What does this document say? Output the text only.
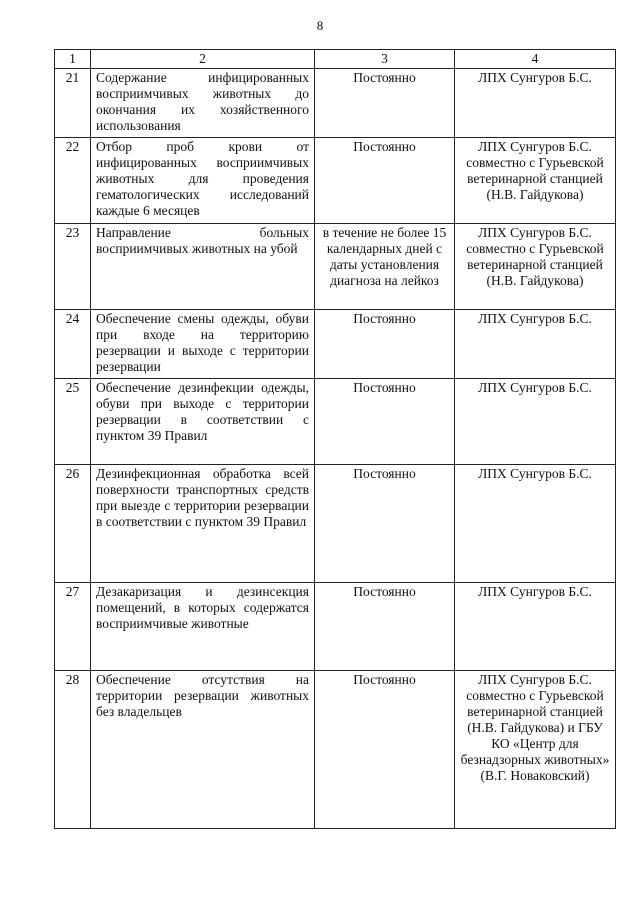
8
1	2	3	4
21	Содержание инфицированных восприимчивых животных до окончания их хозяйственного использования	Постоянно	ЛПХ Сунгуров Б.С.
22	Отбор проб крови от инфицированных восприимчивых животных для проведения гематологических исследований каждые 6 месяцев	Постоянно	ЛПХ Сунгуров Б.С. совместно с Гурьевской ветеринарной станцией (Н.В. Гайдукова)
23	Направление больных восприимчивых животных на убой	в течение не более 15 календарных дней с даты установления диагноза на лейкоз	ЛПХ Сунгуров Б.С. совместно с Гурьевской ветеринарной станцией (Н.В. Гайдукова)
24	Обеспечение смены одежды, обуви при входе на территорию резервации и выходе с территории резервации	Постоянно	ЛПХ Сунгуров Б.С.
25	Обеспечение дезинфекции одежды, обуви при выходе с территории резервации в соответствии с пунктом 39 Правил	Постоянно	ЛПХ Сунгуров Б.С.
26	Дезинфекционная обработка всей поверхности транспортных средств при выезде с территории резервации в соответствии с пунктом 39 Правил	Постоянно	ЛПХ Сунгуров Б.С.
27	Дезакаризация и дезинсекция помещений, в которых содержатся восприимчивые животные	Постоянно	ЛПХ Сунгуров Б.С.
28	Обеспечение отсутствия на территории резервации животных без владельцев	Постоянно	ЛПХ Сунгуров Б.С. совместно с Гурьевской ветеринарной станцией (Н.В. Гайдукова) и ГБУ КО «Центр для безнадзорных животных» (В.Г. Новаковский)
